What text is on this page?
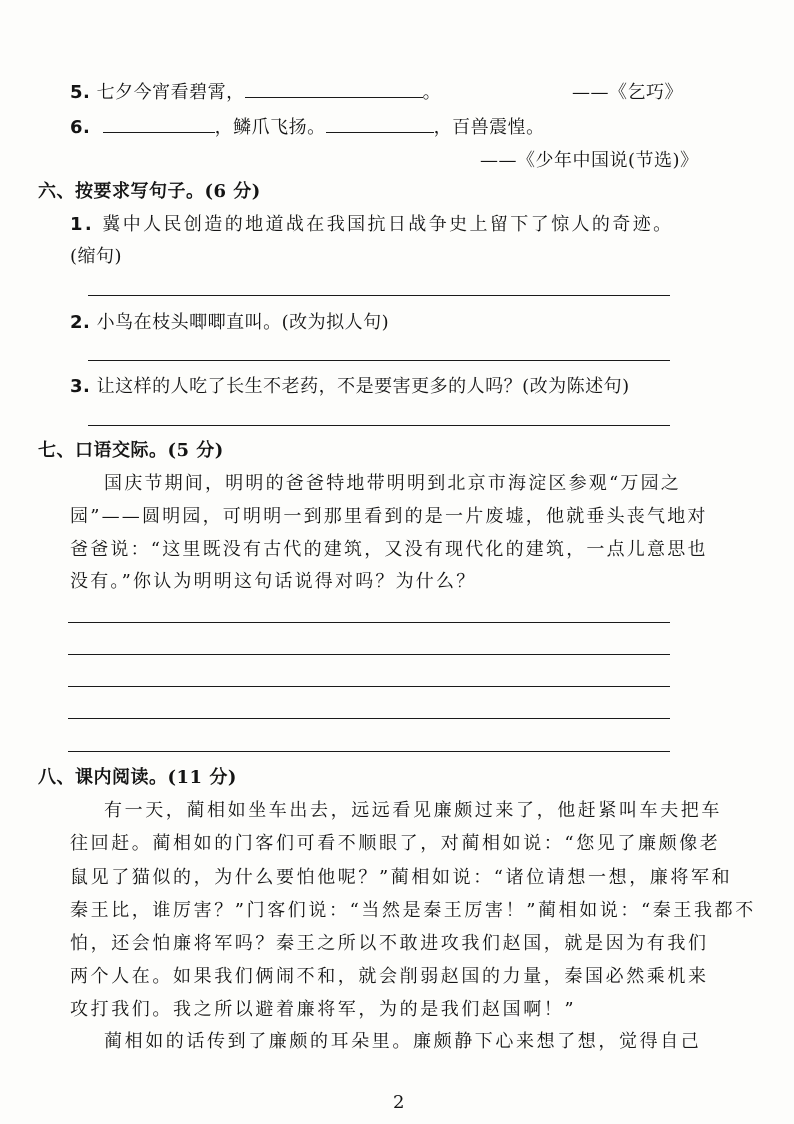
5. 七夕今宵看碧霄，	。	——《乞巧》
6.	，鳞爪飞扬。	，百兽震惶。
——《少年中国说(节选)》
六、按要求写句子。(6 分)
1. 冀中人民创造的地道战在我国抗日战争史上留下了惊人的奇迹。
(缩句)
2. 小鸟在枝头唧唧直叫。(改为拟人句)
3. 让这样的人吃了长生不老药，不是要害更多的人吗？(改为陈述句)
七、口语交际。(5 分)
国庆节期间，明明的爸爸特地带明明到北京市海淀区参观“万园之
园”——圆明园，可明明一到那里看到的是一片废墟，他就垂头丧气地对
爸爸说：“这里既没有古代的建筑，又没有现代化的建筑，一点儿意思也
没有。”你认为明明这句话说得对吗？为什么？
八、课内阅读。(11 分)
有一天，蔺相如坐车出去，远远看见廉颇过来了，他赶紧叫车夫把车
往回赶。蔺相如的门客们可看不顺眼了，对蔺相如说：“您见了廉颇像老
鼠见了猫似的，为什么要怕他呢？”蔺相如说：“诸位请想一想，廉将军和
秦王比，谁厉害？”门客们说：“当然是秦王厉害！”蔺相如说：“秦王我都不
怕，还会怕廉将军吗？秦王之所以不敢进攻我们赵国，就是因为有我们
两个人在。如果我们俩闹不和，就会削弱赵国的力量，秦国必然乘机来
攻打我们。我之所以避着廉将军，为的是我们赵国啊！”
蔺相如的话传到了廉颇的耳朵里。廉颇静下心来想了想，觉得自己
2
